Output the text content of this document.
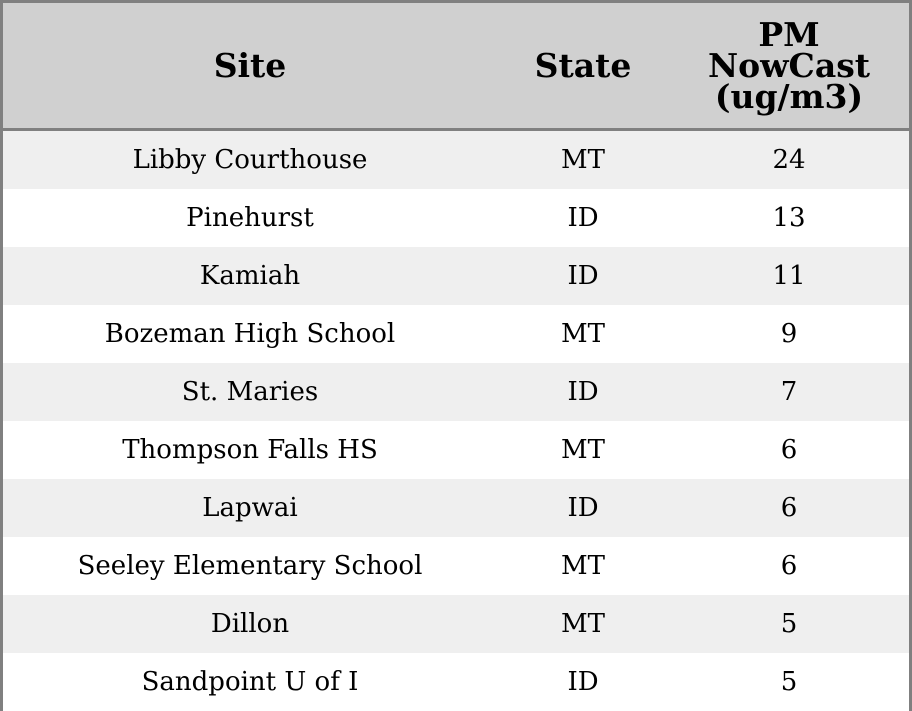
Site	State	PM
NowCast
(ug/m3)

Libby Courthouse	MT	24
Pinehurst	ID	13
Kamiah	ID	11
Bozeman High School	MT	9
St. Maries	ID	7
Thompson Falls HS	MT	6
Lapwai	ID	6
Seeley Elementary School	MT	6
Dillon	MT	5
Sandpoint U of I	ID	5
